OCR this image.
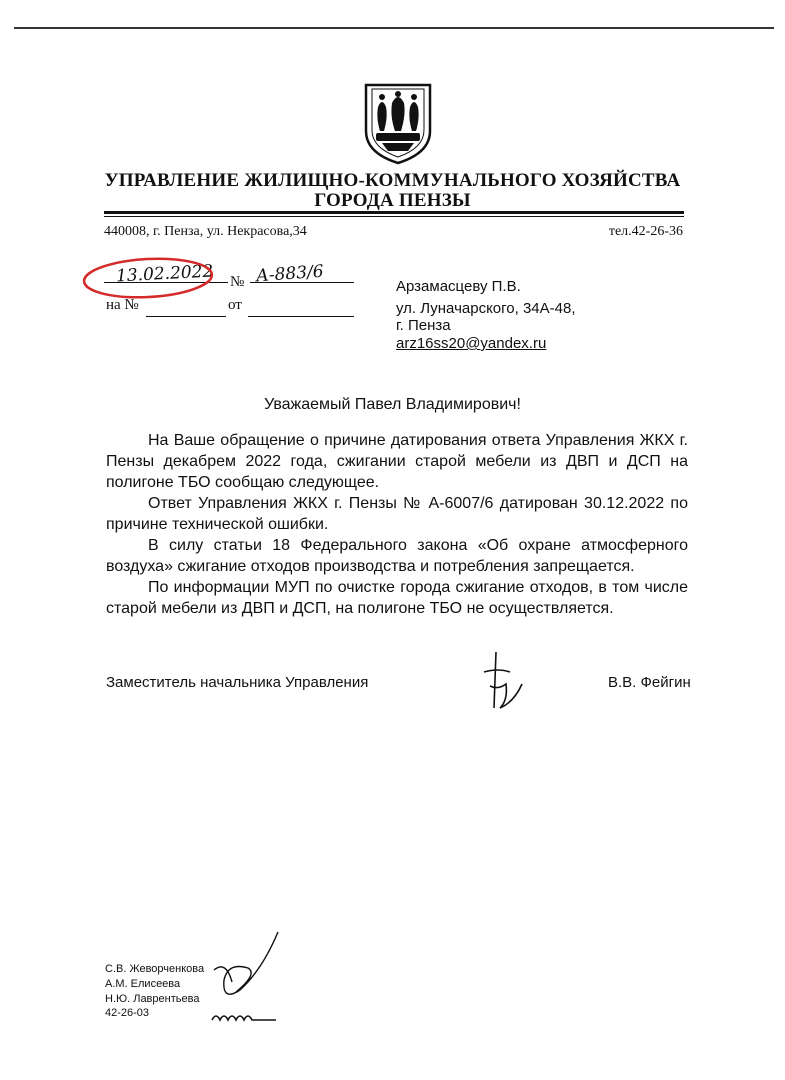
УПРАВЛЕНИЕ ЖИЛИЩНО-КОММУНАЛЬНОГО ХОЗЯЙСТВА
ГОРОДА ПЕНЗЫ
440008, г. Пенза, ул. Некрасова,34	тел.42-26-36
13.02.2022 № А-883/6
на №	от
Арзамасцеву П.В.
ул. Луначарского, 34А-48,
г. Пенза
arz16ss20@yandex.ru
Уважаемый Павел Владимирович!

На Ваше обращение о причине датирования ответа Управления ЖКХ г. Пензы декабрем 2022 года, сжигании старой мебели из ДВП и ДСП на полигоне ТБО сообщаю следующее.

Ответ Управления ЖКХ г. Пензы № А-6007/6 датирован 30.12.2022 по причине технической ошибки.

В силу статьи 18 Федерального закона «Об охране атмосферного воздуха» сжигание отходов производства и потребления запрещается.

По информации МУП по очистке города сжигание отходов, в том числе старой мебели из ДВП и ДСП, на полигоне ТБО не осуществляется.

Заместитель начальника Управления	В.В. Фейгин
С.В. Жеворченкова
А.М. Елисеева
Н.Ю. Лаврентьева
42-26-03
